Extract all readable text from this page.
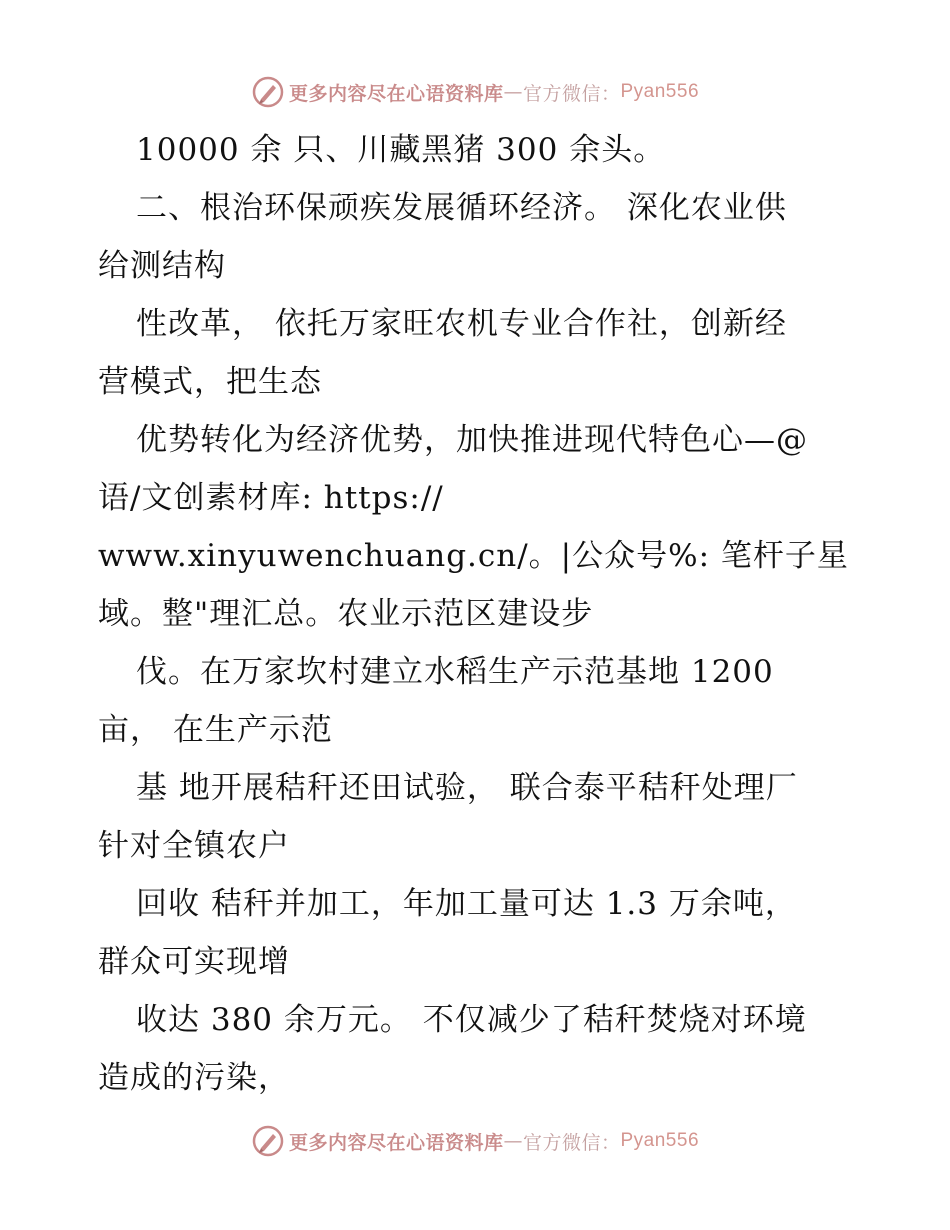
更多内容尽在心语资料库 — 官方微信： Pyan556
10000 余 只、川藏黑猪 300 余头。
二、根治环保顽疾发展循环经济。 深化农业供
给测结构
性改革， 依托万家旺农机专业合作社，创新经
营模式，把生态
优势转化为经济优势，加快推进现代特色心—@
语/文创素材库: https://
www.xinyuwenchuang.cn/。|公众号%: 笔杆子星
域。整"理汇总。农业示范区建设步
伐。在万家坎村建立水稻生产示范基地 1200
亩， 在生产示范
基 地开展秸秆还田试验， 联合泰平秸秆处理厂
针对全镇农户
回收 秸秆并加工，年加工量可达 1.3 万余吨，
群众可实现增
收达 380 余万元。 不仅减少了秸秆焚烧对环境
造成的污染，
更多内容尽在心语资料库 — 官方微信： Pyan556
